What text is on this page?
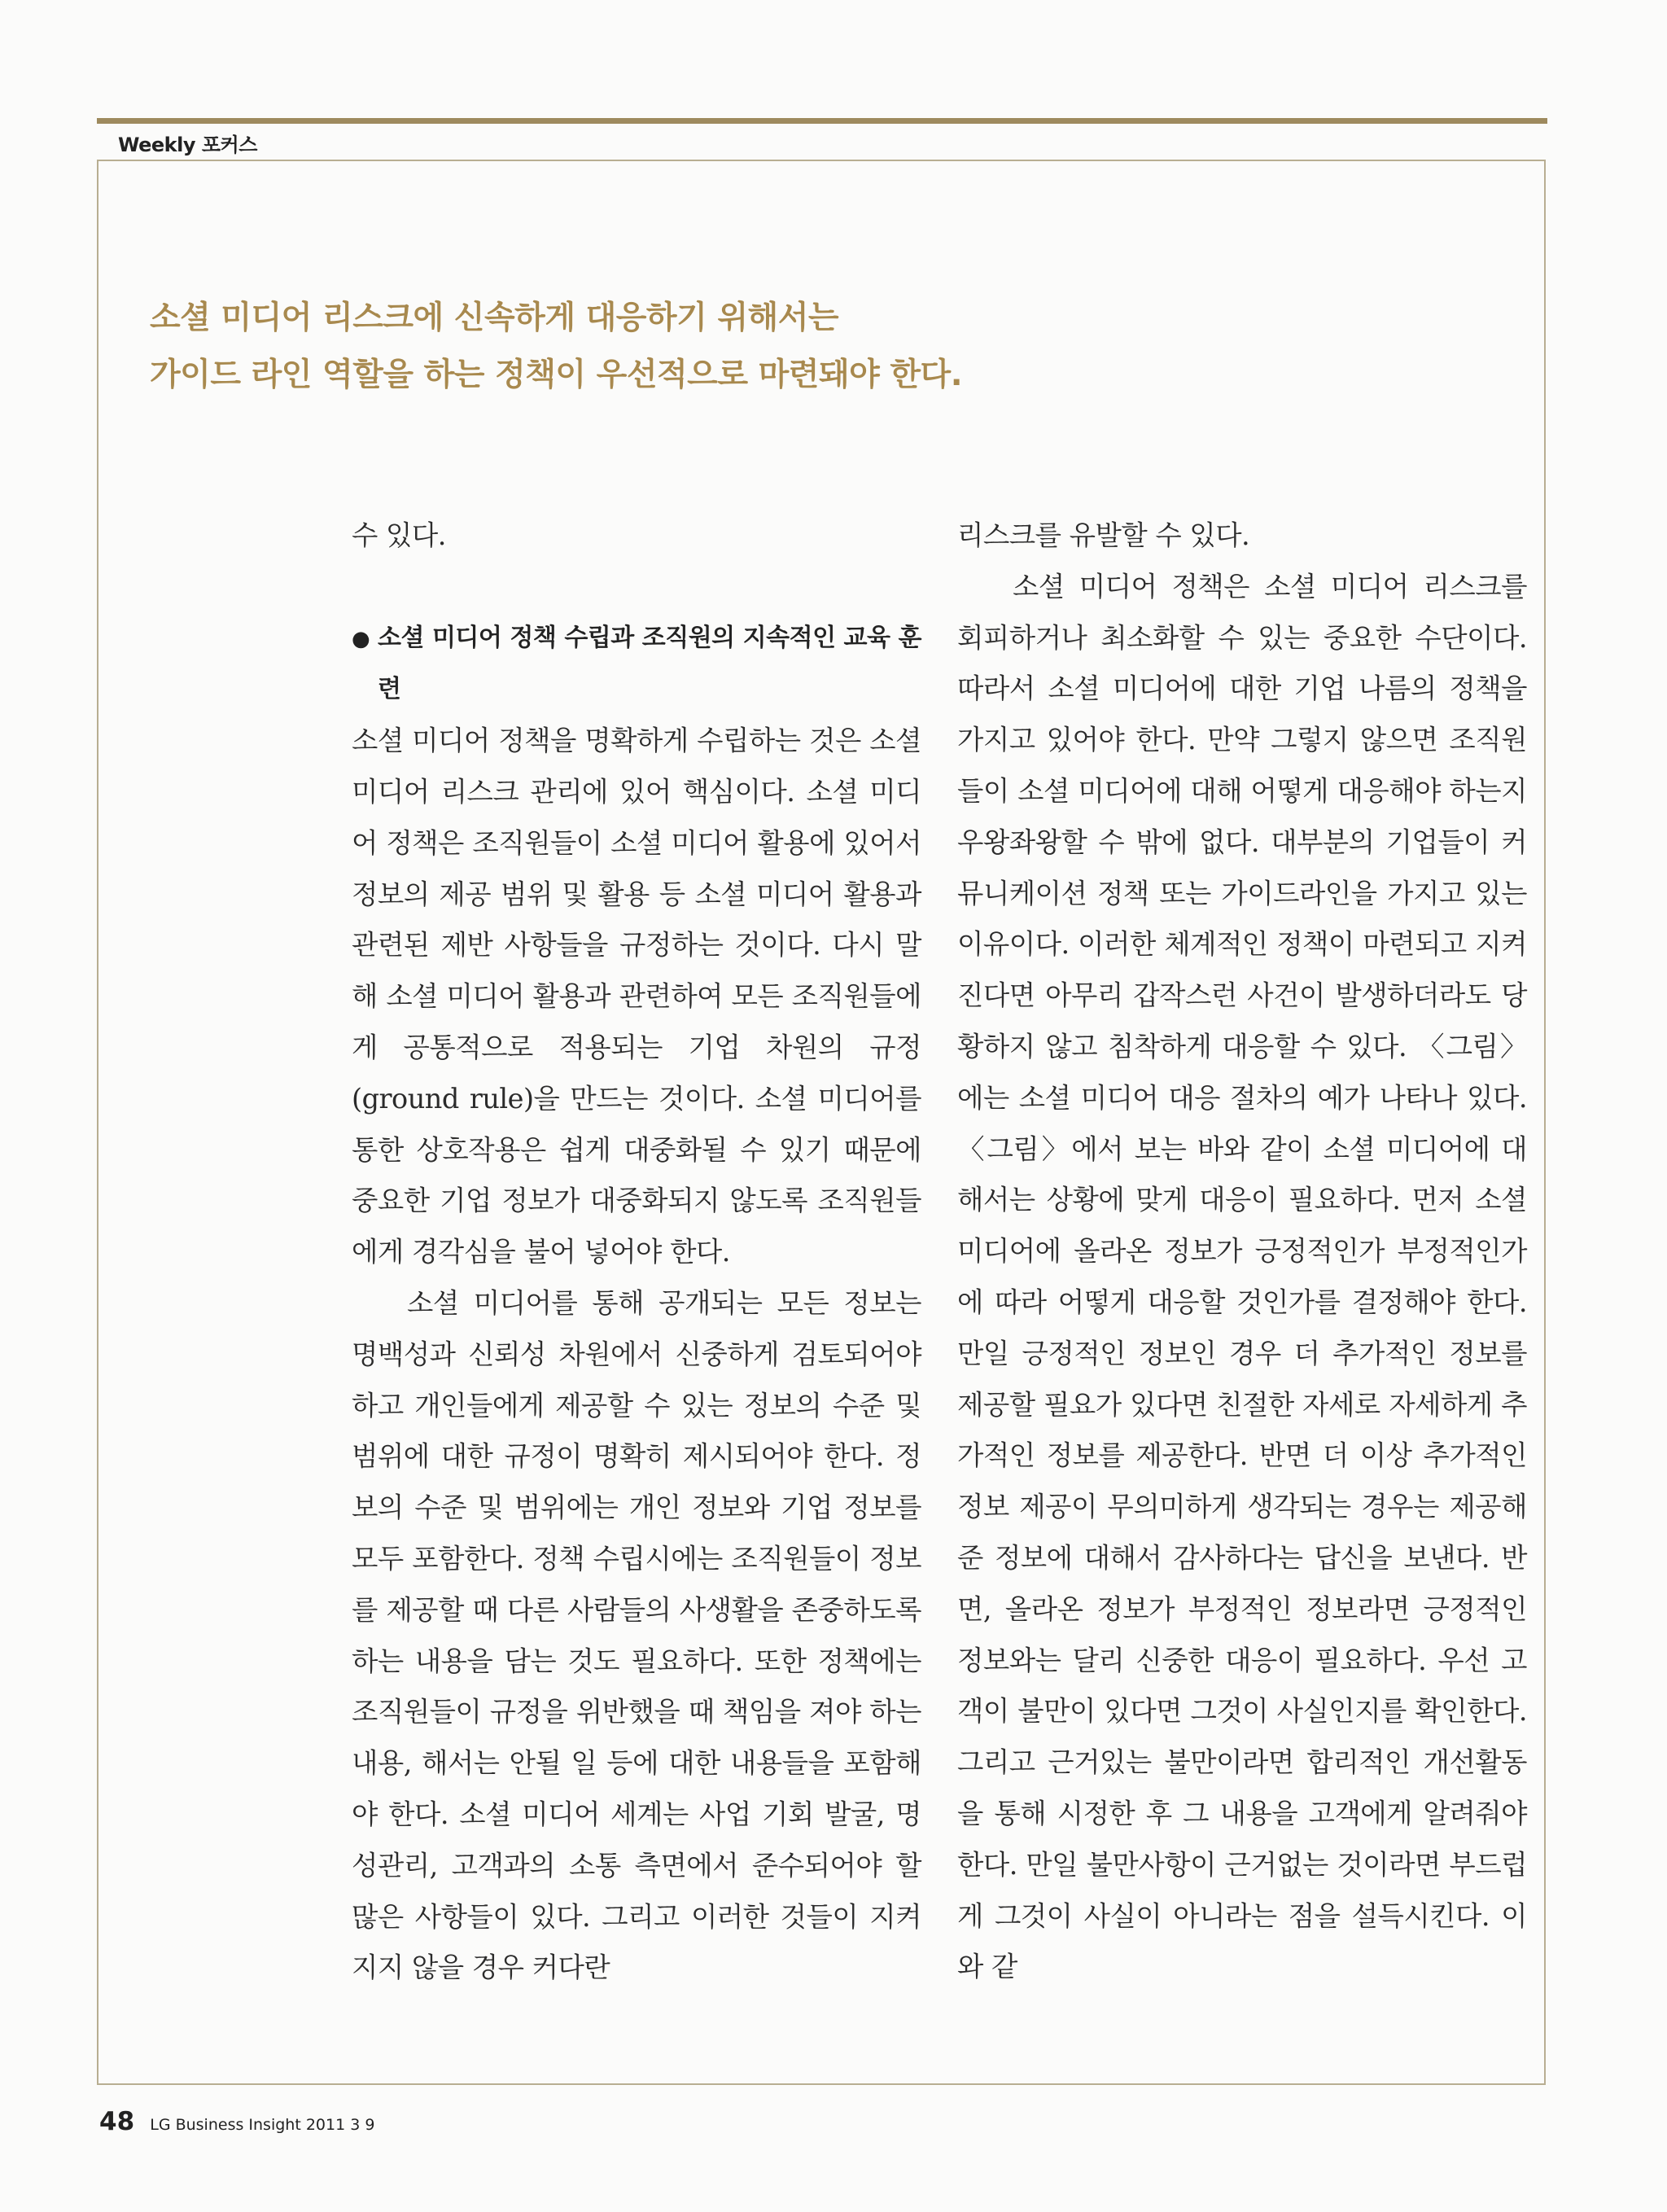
Weekly 포커스
소셜 미디어 리스크에 신속하게 대응하기 위해서는
가이드 라인 역할을 하는 정책이 우선적으로 마련돼야 한다.

수 있다.

● 소셜 미디어 정책 수립과 조직원의 지속적인 교육 훈련

소셜 미디어 정책을 명확하게 수립하는 것은 소셜 미디어 리스크 관리에 있어 핵심이다. 소셜 미디어 정책은 조직원들이 소셜 미디어 활용에 있어서 정보의 제공 범위 및 활용 등 소셜 미디어 활용과 관련된 제반 사항들을 규정하는 것이다. 다시 말해 소셜 미디어 활용과 관련하여 모든 조직원들에게 공통적으로 적용되는 기업 차원의 규정(ground rule)을 만드는 것이다. 소셜 미디어를 통한 상호작용은 쉽게 대중화될 수 있기 때문에 중요한 기업 정보가 대중화되지 않도록 조직원들에게 경각심을 불어 넣어야 한다.

소셜 미디어를 통해 공개되는 모든 정보는 명백성과 신뢰성 차원에서 신중하게 검토되어야 하고 개인들에게 제공할 수 있는 정보의 수준 및 범위에 대한 규정이 명확히 제시되어야 한다. 정보의 수준 및 범위에는 개인 정보와 기업 정보를 모두 포함한다. 정책 수립시에는 조직원들이 정보를 제공할 때 다른 사람들의 사생활을 존중하도록 하는 내용을 담는 것도 필요하다. 또한 정책에는 조직원들이 규정을 위반했을 때 책임을 져야 하는 내용, 해서는 안될 일 등에 대한 내용들을 포함해야 한다. 소셜 미디어 세계는 사업 기회 발굴, 명성관리, 고객과의 소통 측면에서 준수되어야 할 많은 사항들이 있다. 그리고 이러한 것들이 지켜지지 않을 경우 커다란

리스크를 유발할 수 있다.

소셜 미디어 정책은 소셜 미디어 리스크를 회피하거나 최소화할 수 있는 중요한 수단이다. 따라서 소셜 미디어에 대한 기업 나름의 정책을 가지고 있어야 한다. 만약 그렇지 않으면 조직원들이 소셜 미디어에 대해 어떻게 대응해야 하는지 우왕좌왕할 수 밖에 없다. 대부분의 기업들이 커뮤니케이션 정책 또는 가이드라인을 가지고 있는 이유이다. 이러한 체계적인 정책이 마련되고 지켜진다면 아무리 갑작스런 사건이 발생하더라도 당황하지 않고 침착하게 대응할 수 있다. 〈그림〉에는 소셜 미디어 대응 절차의 예가 나타나 있다. 〈그림〉에서 보는 바와 같이 소셜 미디어에 대해서는 상황에 맞게 대응이 필요하다. 먼저 소셜 미디어에 올라온 정보가 긍정적인가 부정적인가에 따라 어떻게 대응할 것인가를 결정해야 한다. 만일 긍정적인 정보인 경우 더 추가적인 정보를 제공할 필요가 있다면 친절한 자세로 자세하게 추가적인 정보를 제공한다. 반면 더 이상 추가적인 정보 제공이 무의미하게 생각되는 경우는 제공해 준 정보에 대해서 감사하다는 답신을 보낸다. 반면, 올라온 정보가 부정적인 정보라면 긍정적인 정보와는 달리 신중한 대응이 필요하다. 우선 고객이 불만이 있다면 그것이 사실인지를 확인한다. 그리고 근거있는 불만이라면 합리적인 개선활동을 통해 시정한 후 그 내용을 고객에게 알려줘야 한다. 만일 불만사항이 근거없는 것이라면 부드럽게 그것이 사실이 아니라는 점을 설득시킨다. 이와 같

48 LG Business Insight 2011 3 9
